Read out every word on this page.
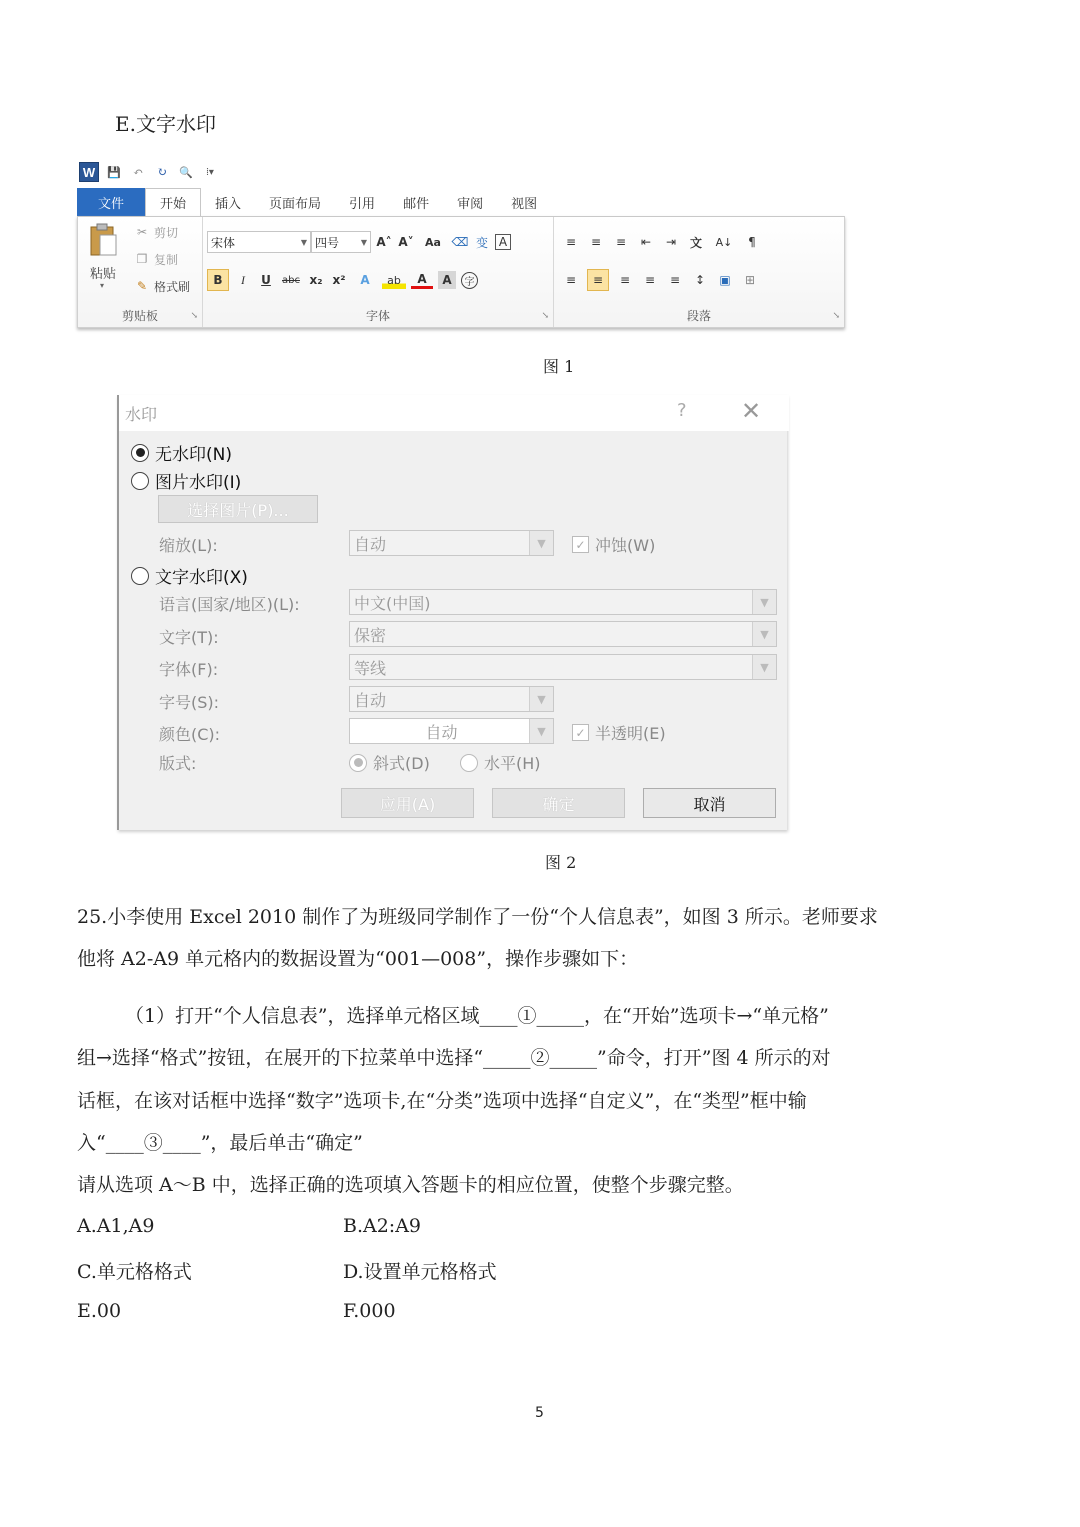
E.文字水印
W	💾	↶	↻	🔍	⁞▾
文件	开始	插入	页面布局	引用	邮件	审阅	视图
粘贴
▾
✂ 剪切
❐ 复制
✎ 格式刷
剪贴板	↘
宋体	▼ 四号	▼ A˄ A˅	Aa ⌫ 变 A
B	I	U	abc x₂ x²	A	ab	A	A	字
字体	↘
≡	≡	≡	⇤	⇥	文	A↓	¶
≡	≡	≡	≡	≡	↕	▣	⊞
段落	↘
图 1
水印	? ✕
无水印(N)
图片水印(I)
选择图片(P)...
缩放(L):	自动	▼	✓ 冲蚀(W)
文字水印(X)
语言(国家/地区)(L):	中文(中国)	▼
文字(T):	保密	▼
字体(F):	等线	▼
字号(S):	自动	▼
颜色(C):	自动	▼	✓ 半透明(E)
版式:	斜式(D)	水平(H)
应用(A)	确定	取消
图 2
25.小李使用 Excel 2010 制作了为班级同学制作了一份“个人信息表”，如图 3 所示。老师要求
他将 A2-A9 单元格内的数据设置为“001—008”，操作步骤如下：
（1）打开“个人信息表”，选择单元格区域____①_____，在“开始”选项卡→“单元格”
组→选择“格式”按钮，在展开的下拉菜单中选择“_____②_____”命令，打开”图 4 所示的对
话框，在该对话框中选择“数字”选项卡,在“分类”选项中选择“自定义”，在“类型”框中输
入“____③____”，最后单击“确定”
请从选项 A～B 中，选择正确的选项填入答题卡的相应位置，使整个步骤完整。
A.A1,A9	B.A2:A9
C.单元格格式	D.设置单元格格式
E.00	F.000
5
